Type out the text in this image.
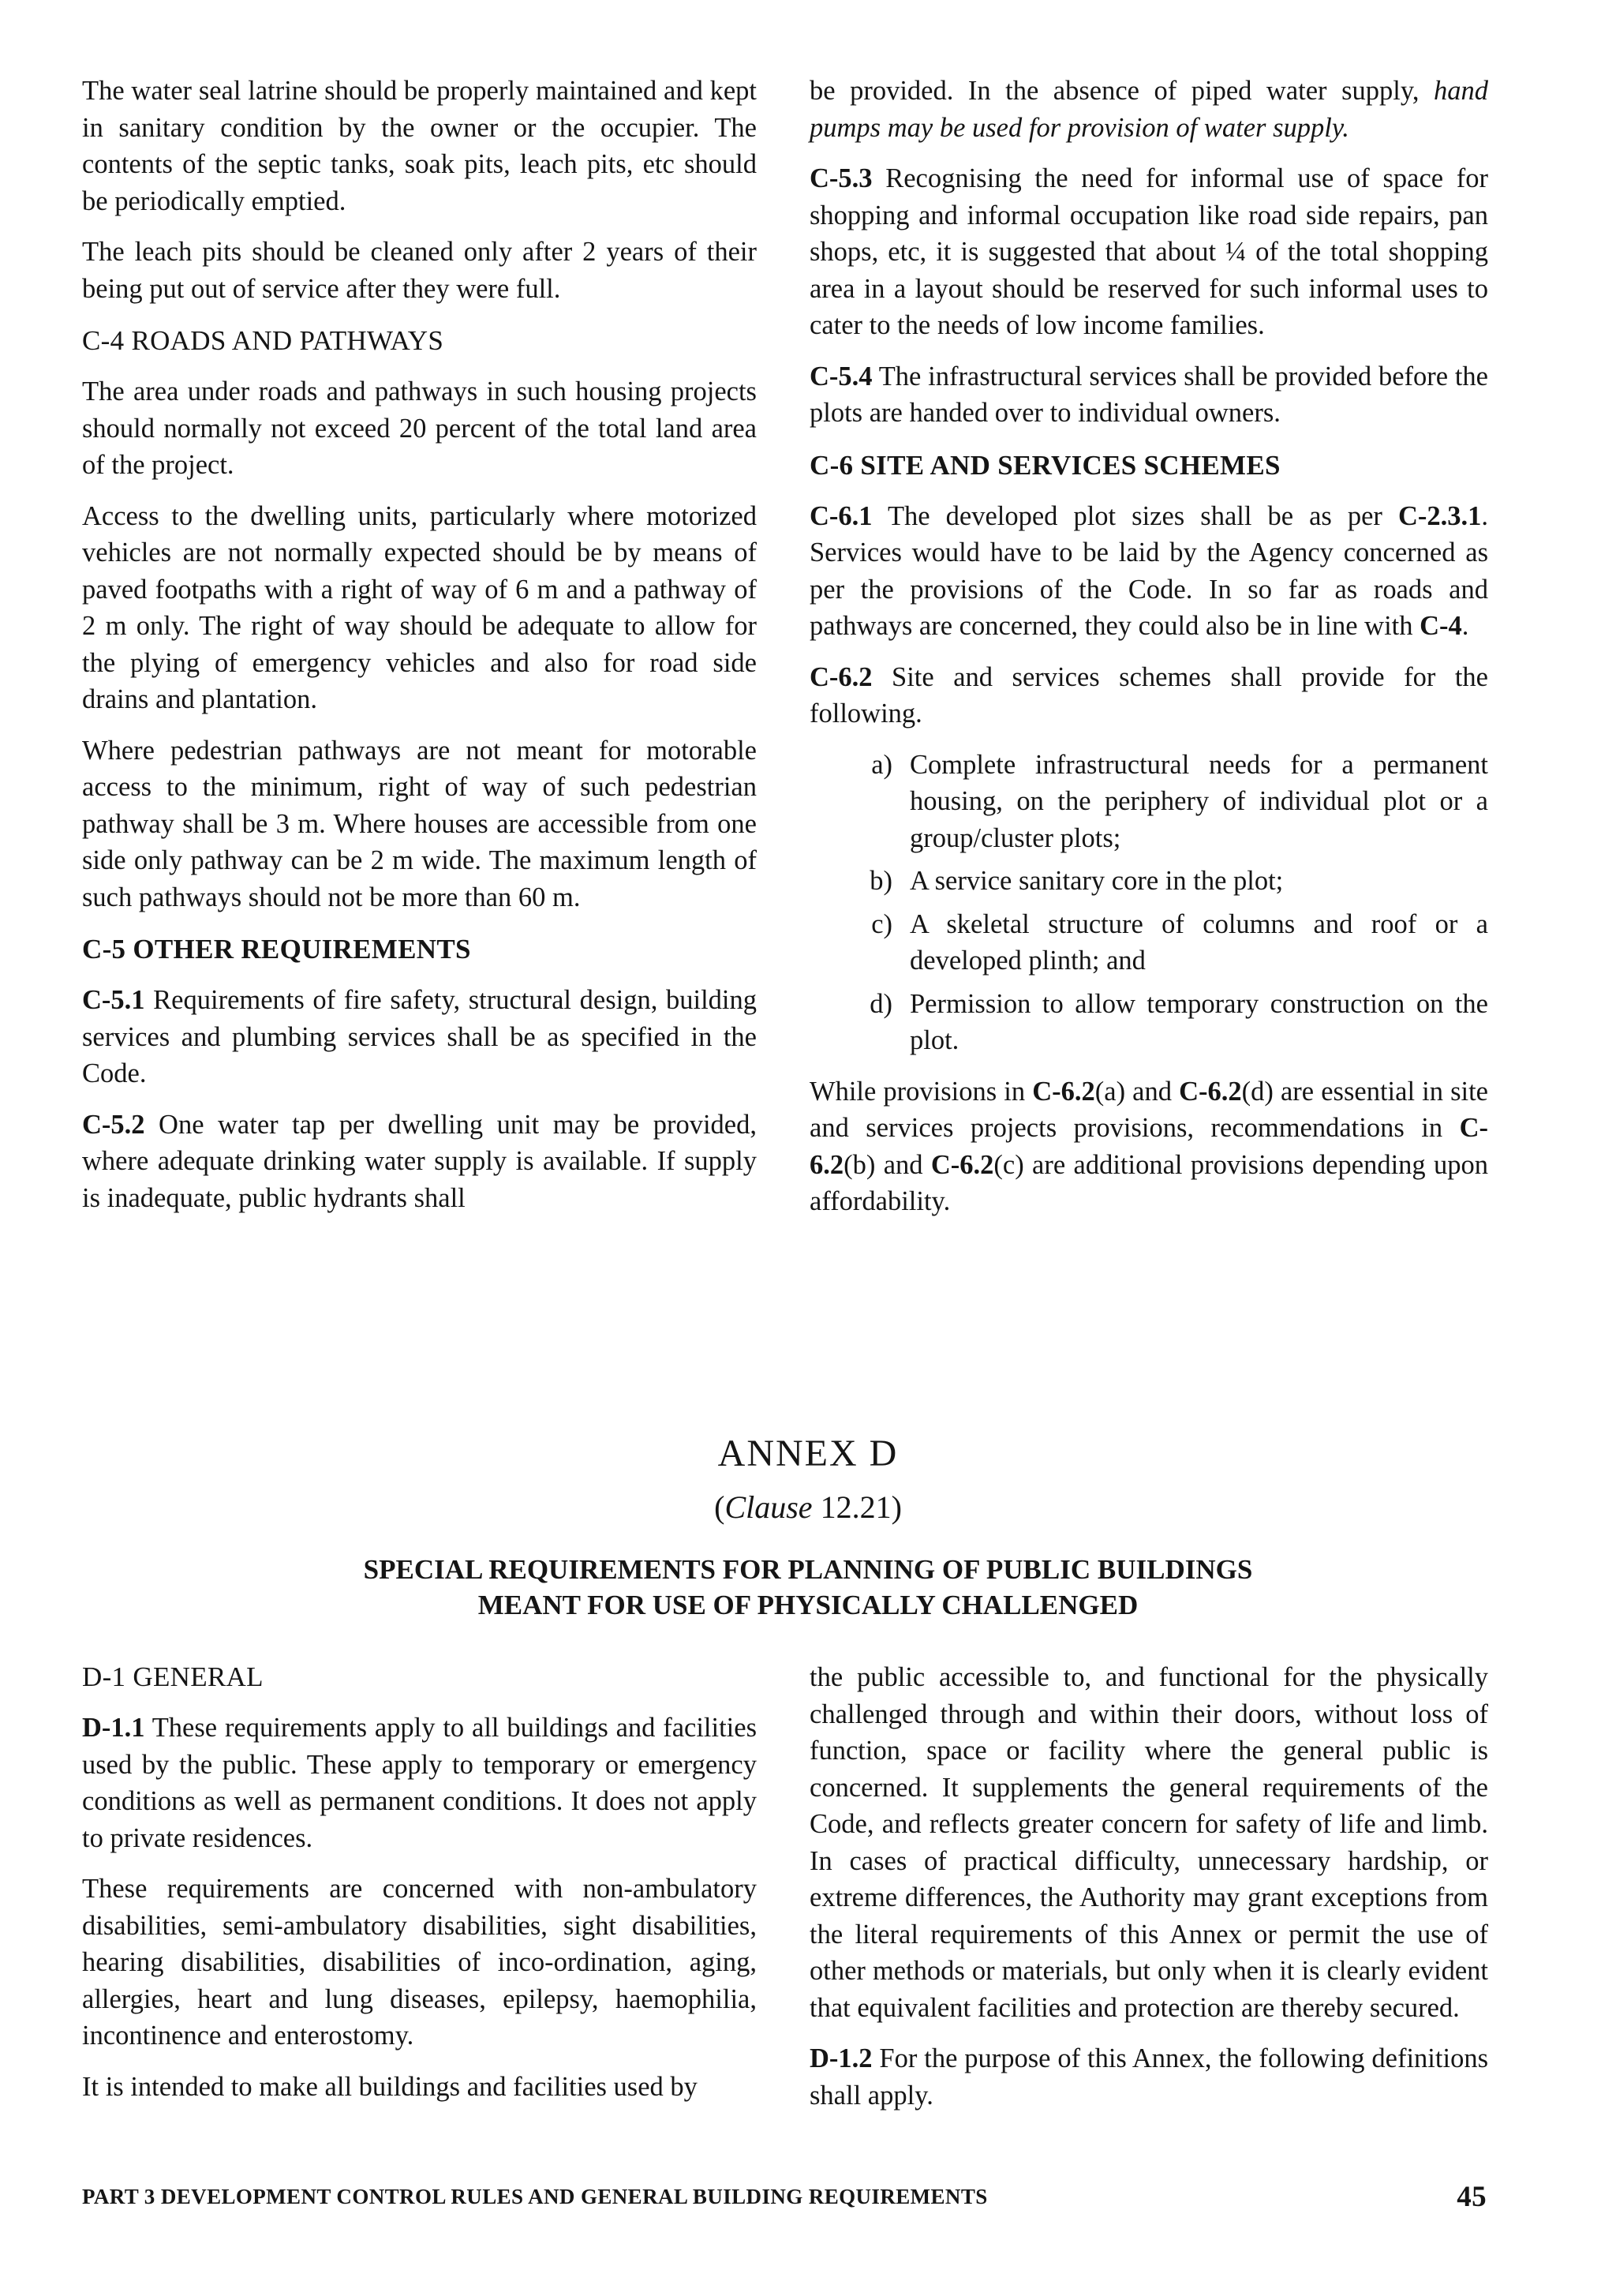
The water seal latrine should be properly maintained and kept in sanitary condition by the owner or the occupier. The contents of the septic tanks, soak pits, leach pits, etc should be periodically emptied.

The leach pits should be cleaned only after 2 years of their being put out of service after they were full.

C-4 ROADS AND PATHWAYS

The area under roads and pathways in such housing projects should normally not exceed 20 percent of the total land area of the project.

Access to the dwelling units, particularly where motorized vehicles are not normally expected should be by means of paved footpaths with a right of way of 6 m and a pathway of 2 m only. The right of way should be adequate to allow for the plying of emergency vehicles and also for road side drains and plantation.

Where pedestrian pathways are not meant for motorable access to the minimum, right of way of such pedestrian pathway shall be 3 m. Where houses are accessible from one side only pathway can be 2 m wide. The maximum length of such pathways should not be more than 60 m.

C-5 OTHER REQUIREMENTS

C-5.1 Requirements of fire safety, structural design, building services and plumbing services shall be as specified in the Code.

C-5.2 One water tap per dwelling unit may be provided, where adequate drinking water supply is available. If supply is inadequate, public hydrants shall

be provided. In the absence of piped water supply, hand pumps may be used for provision of water supply.

C-5.3 Recognising the need for informal use of space for shopping and informal occupation like road side repairs, pan shops, etc, it is suggested that about ¼ of the total shopping area in a layout should be reserved for such informal uses to cater to the needs of low income families.

C-5.4 The infrastructural services shall be provided before the plots are handed over to individual owners.

C-6 SITE AND SERVICES SCHEMES

C-6.1 The developed plot sizes shall be as per C-2.3.1. Services would have to be laid by the Agency concerned as per the provisions of the Code. In so far as roads and pathways are concerned, they could also be in line with C-4.

C-6.2 Site and services schemes shall provide for the following.

a) Complete infrastructural needs for a permanent housing, on the periphery of individual plot or a group/cluster plots;
b) A service sanitary core in the plot;
c) A skeletal structure of columns and roof or a developed plinth; and
d) Permission to allow temporary construction on the plot.

While provisions in C-6.2(a) and C-6.2(d) are essential in site and services projects provisions, recommendations in C-6.2(b) and C-6.2(c) are additional provisions depending upon affordability.

ANNEX D
(Clause 12.21)
SPECIAL REQUIREMENTS FOR PLANNING OF PUBLIC BUILDINGS
MEANT FOR USE OF PHYSICALLY CHALLENGED
D-1 GENERAL

D-1.1 These requirements apply to all buildings and facilities used by the public. These apply to temporary or emergency conditions as well as permanent conditions. It does not apply to private residences.

These requirements are concerned with non-ambulatory disabilities, semi-ambulatory disabilities, sight disabilities, hearing disabilities, disabilities of inco-ordination, aging, allergies, heart and lung diseases, epilepsy, haemophilia, incontinence and enterostomy.

It is intended to make all buildings and facilities used by

the public accessible to, and functional for the physically challenged through and within their doors, without loss of function, space or facility where the general public is concerned. It supplements the general requirements of the Code, and reflects greater concern for safety of life and limb. In cases of practical difficulty, unnecessary hardship, or extreme differences, the Authority may grant exceptions from the literal requirements of this Annex or permit the use of other methods or materials, but only when it is clearly evident that equivalent facilities and protection are thereby secured.

D-1.2 For the purpose of this Annex, the following definitions shall apply.

PART 3 DEVELOPMENT CONTROL RULES AND GENERAL BUILDING REQUIREMENTS	45
